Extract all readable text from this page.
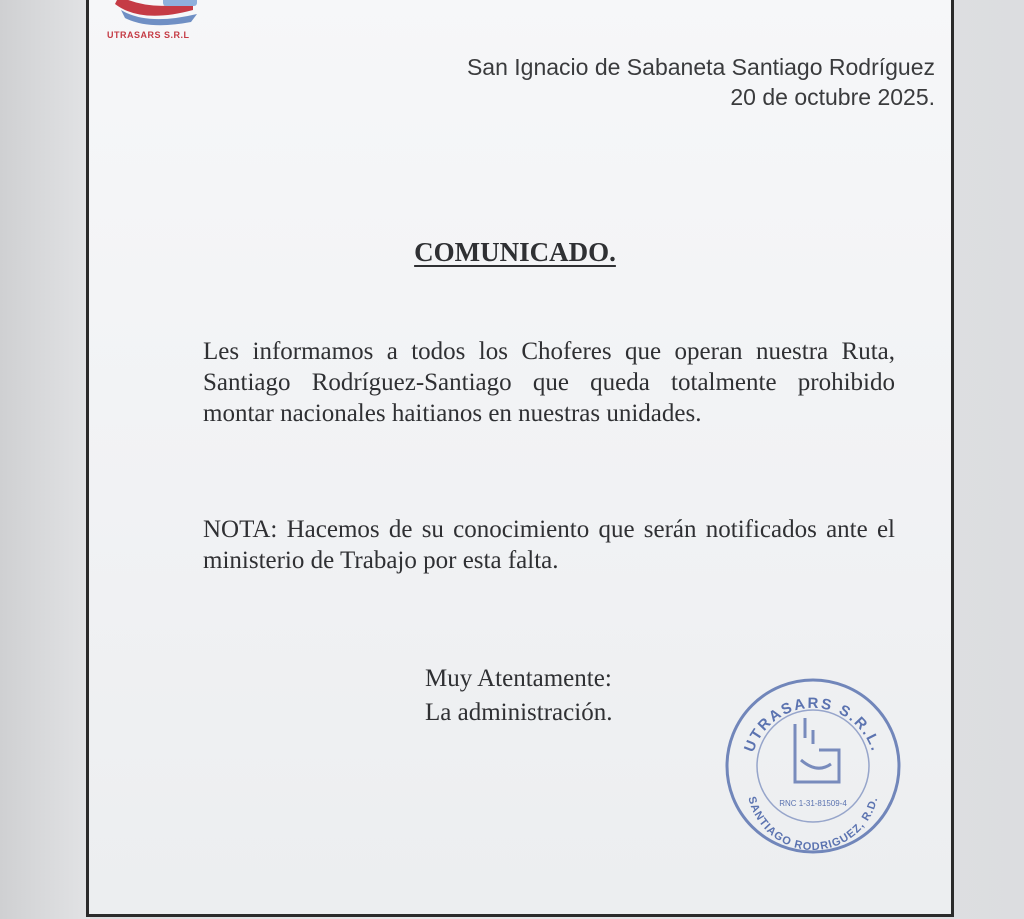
UTRASARS S.R.L
San Ignacio de Sabaneta Santiago Rodríguez
20 de octubre 2025.
COMUNICADO.
Les informamos a todos los Choferes que operan nuestra Ruta, Santiago Rodríguez-Santiago que queda totalmente prohibido montar nacionales haitianos en nuestras unidades.
NOTA: Hacemos de su conocimiento que serán notificados ante el ministerio de Trabajo por esta falta.
Muy Atentamente:
La administración.
UTRASARS S.R.L.
SANTIAGO RODRIGUEZ, R.D.
RNC 1-31-81509-4
